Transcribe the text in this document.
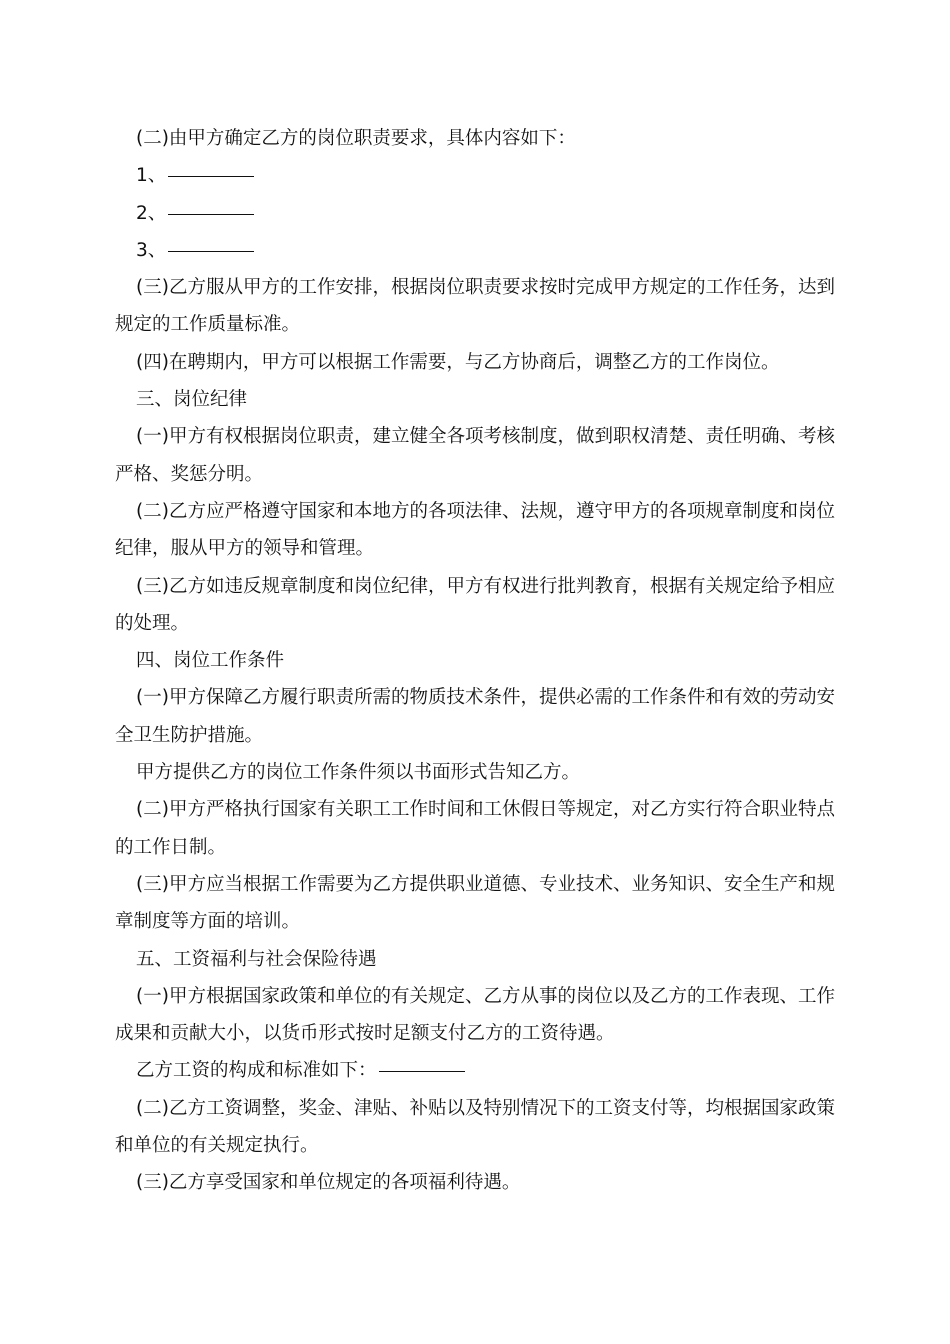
(二)由甲方确定乙方的岗位职责要求，具体内容如下：

1、

2、

3、

(三)乙方服从甲方的工作安排，根据岗位职责要求按时完成甲方规定的工作任务，达到规定的工作质量标准。

(四)在聘期内，甲方可以根据工作需要，与乙方协商后，调整乙方的工作岗位。

三、岗位纪律

(一)甲方有权根据岗位职责，建立健全各项考核制度，做到职权清楚、责任明确、考核严格、奖惩分明。

(二)乙方应严格遵守国家和本地方的各项法律、法规，遵守甲方的各项规章制度和岗位纪律，服从甲方的领导和管理。

(三)乙方如违反规章制度和岗位纪律，甲方有权进行批判教育，根据有关规定给予相应的处理。

四、岗位工作条件

(一)甲方保障乙方履行职责所需的物质技术条件，提供必需的工作条件和有效的劳动安全卫生防护措施。

甲方提供乙方的岗位工作条件须以书面形式告知乙方。

(二)甲方严格执行国家有关职工工作时间和工休假日等规定，对乙方实行符合职业特点的工作日制。

(三)甲方应当根据工作需要为乙方提供职业道德、专业技术、业务知识、安全生产和规章制度等方面的培训。

五、工资福利与社会保险待遇

(一)甲方根据国家政策和单位的有关规定、乙方从事的岗位以及乙方的工作表现、工作成果和贡献大小，以货币形式按时足额支付乙方的工资待遇。

乙方工资的构成和标准如下：

(二)乙方工资调整，奖金、津贴、补贴以及特别情况下的工资支付等，均根据国家政策和单位的有关规定执行。

(三)乙方享受国家和单位规定的各项福利待遇。
